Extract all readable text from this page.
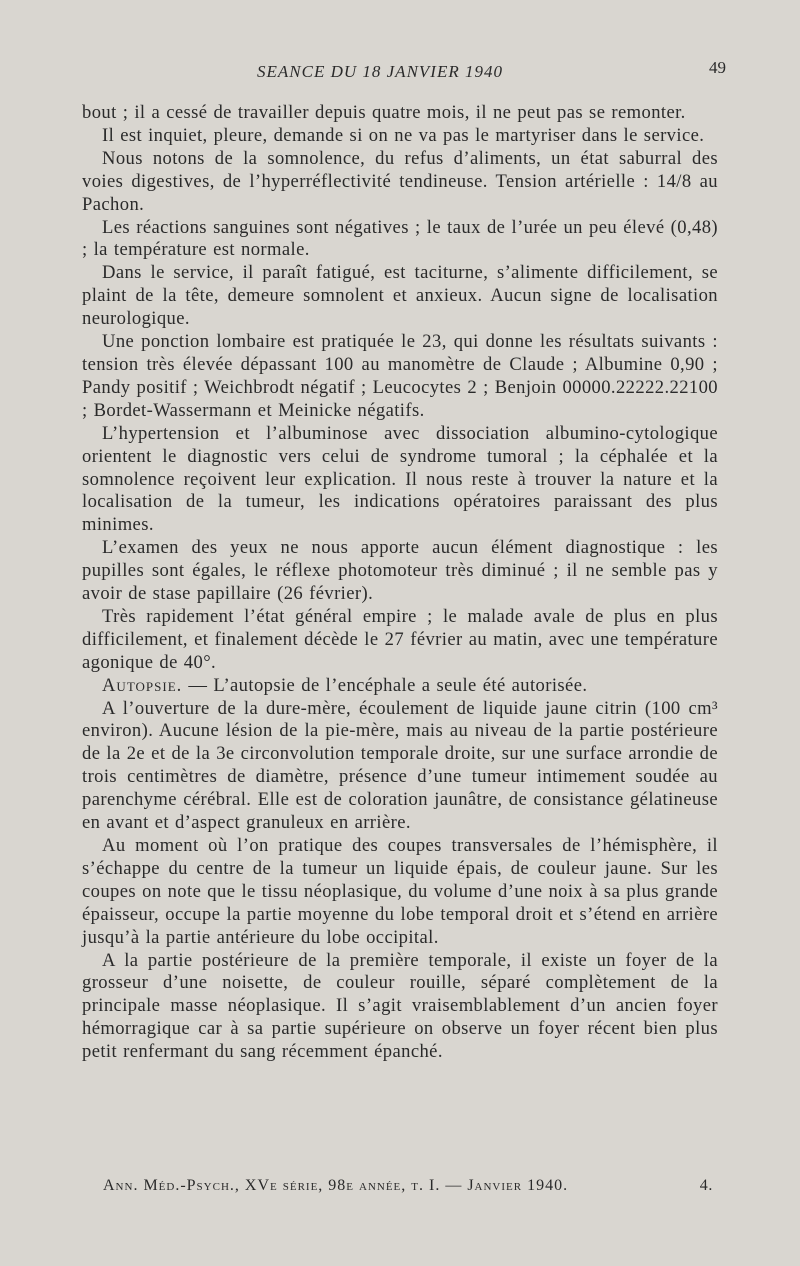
SEANCE DU 18 JANVIER 1940	49

bout ; il a cessé de travailler depuis quatre mois, il ne peut pas se remonter.

Il est inquiet, pleure, demande si on ne va pas le martyriser dans le service.

Nous notons de la somnolence, du refus d’aliments, un état saburral des voies digestives, de l’hyperréflectivité tendineuse. Tension artérielle : 14/8 au Pachon.

Les réactions sanguines sont négatives ; le taux de l’urée un peu élevé (0,48) ; la température est normale.

Dans le service, il paraît fatigué, est taciturne, s’alimente difficilement, se plaint de la tête, demeure somnolent et anxieux. Aucun signe de localisation neurologique.

Une ponction lombaire est pratiquée le 23, qui donne les résultats suivants : tension très élevée dépassant 100 au manomètre de Claude ; Albumine 0,90 ; Pandy positif ; Weichbrodt négatif ; Leucocytes 2 ; Benjoin 00000.22222.22100 ; Bordet-Wassermann et Meinicke négatifs.

L’hypertension et l’albuminose avec dissociation albumino-cytologique orientent le diagnostic vers celui de syndrome tumoral ; la céphalée et la somnolence reçoivent leur explication. Il nous reste à trouver la nature et la localisation de la tumeur, les indications opératoires paraissant des plus minimes.

L’examen des yeux ne nous apporte aucun élément diagnostique : les pupilles sont égales, le réflexe photomoteur très diminué ; il ne semble pas y avoir de stase papillaire (26 février).

Très rapidement l’état général empire ; le malade avale de plus en plus difficilement, et finalement décède le 27 février au matin, avec une température agonique de 40°.

Autopsie. — L’autopsie de l’encéphale a seule été autorisée.

A l’ouverture de la dure-mère, écoulement de liquide jaune citrin (100 cm³ environ). Aucune lésion de la pie-mère, mais au niveau de la partie postérieure de la 2e et de la 3e circonvolution temporale droite, sur une surface arrondie de trois centimètres de diamètre, présence d’une tumeur intimement soudée au parenchyme cérébral. Elle est de coloration jaunâtre, de consistance gélatineuse en avant et d’aspect granuleux en arrière.

Au moment où l’on pratique des coupes transversales de l’hémisphère, il s’échappe du centre de la tumeur un liquide épais, de couleur jaune. Sur les coupes on note que le tissu néoplasique, du volume d’une noix à sa plus grande épaisseur, occupe la partie moyenne du lobe temporal droit et s’étend en arrière jusqu’à la partie antérieure du lobe occipital.

A la partie postérieure de la première temporale, il existe un foyer de la grosseur d’une noisette, de couleur rouille, séparé complètement de la principale masse néoplasique. Il s’agit vraisemblablement d’un ancien foyer hémorragique car à sa partie supérieure on observe un foyer récent bien plus petit renfermant du sang récemment épanché.

Ann. Méd.-Psych., XVe série, 98e année, t. I. — Janvier 1940.	4.
